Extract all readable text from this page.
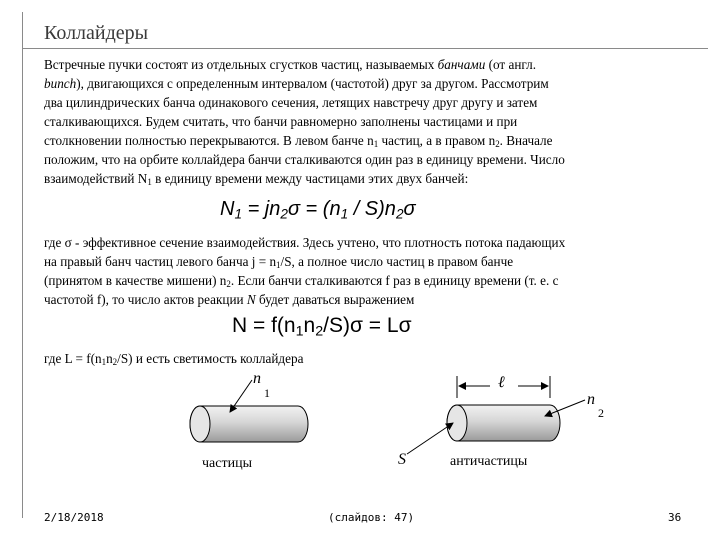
Коллайдеры
Встречные пучки состоят из отдельных сгустков частиц, называемых банчами (от англ.
bunch), двигающихся с определенным интервалом (частотой) друг за другом. Рассмотрим
два цилиндрических банча одинакового сечения, летящих навстречу друг другу и затем
сталкивающихся. Будем считать, что банчи равномерно заполнены частицами и при
столкновении полностью перекрываются. В левом банче $n_1$ частиц, а в правом $n_2$. Вначале
положим, что на орбите коллайдера банчи сталкиваются один раз в единицу времени. Число
взаимодействий $N_1$ в единицу времени между частицами этих двух банчей:
$N_1 = jn_2\sigma = (n_1 / S)n_2\sigma$
где σ - эффективное сечение взаимодействия. Здесь учтено, что плотность потока падающих
на правый банч частиц левого банча $j = n_1/S$, а полное число частиц в правом банче
(принятом в качестве мишени) $n_2$. Если банчи сталкиваются f раз в единицу времени (т. е. с
частотой f), то число актов реакции N будет даваться выражением
$N = f(n_1n_2/S)\sigma = L\sigma$
где $L = f(n_1n_2/S)$ и есть светимость коллайдера
n
1	n
2
ℓ
S
частицы	античастицы
2/18/2018	(слайдов: 47)	36
